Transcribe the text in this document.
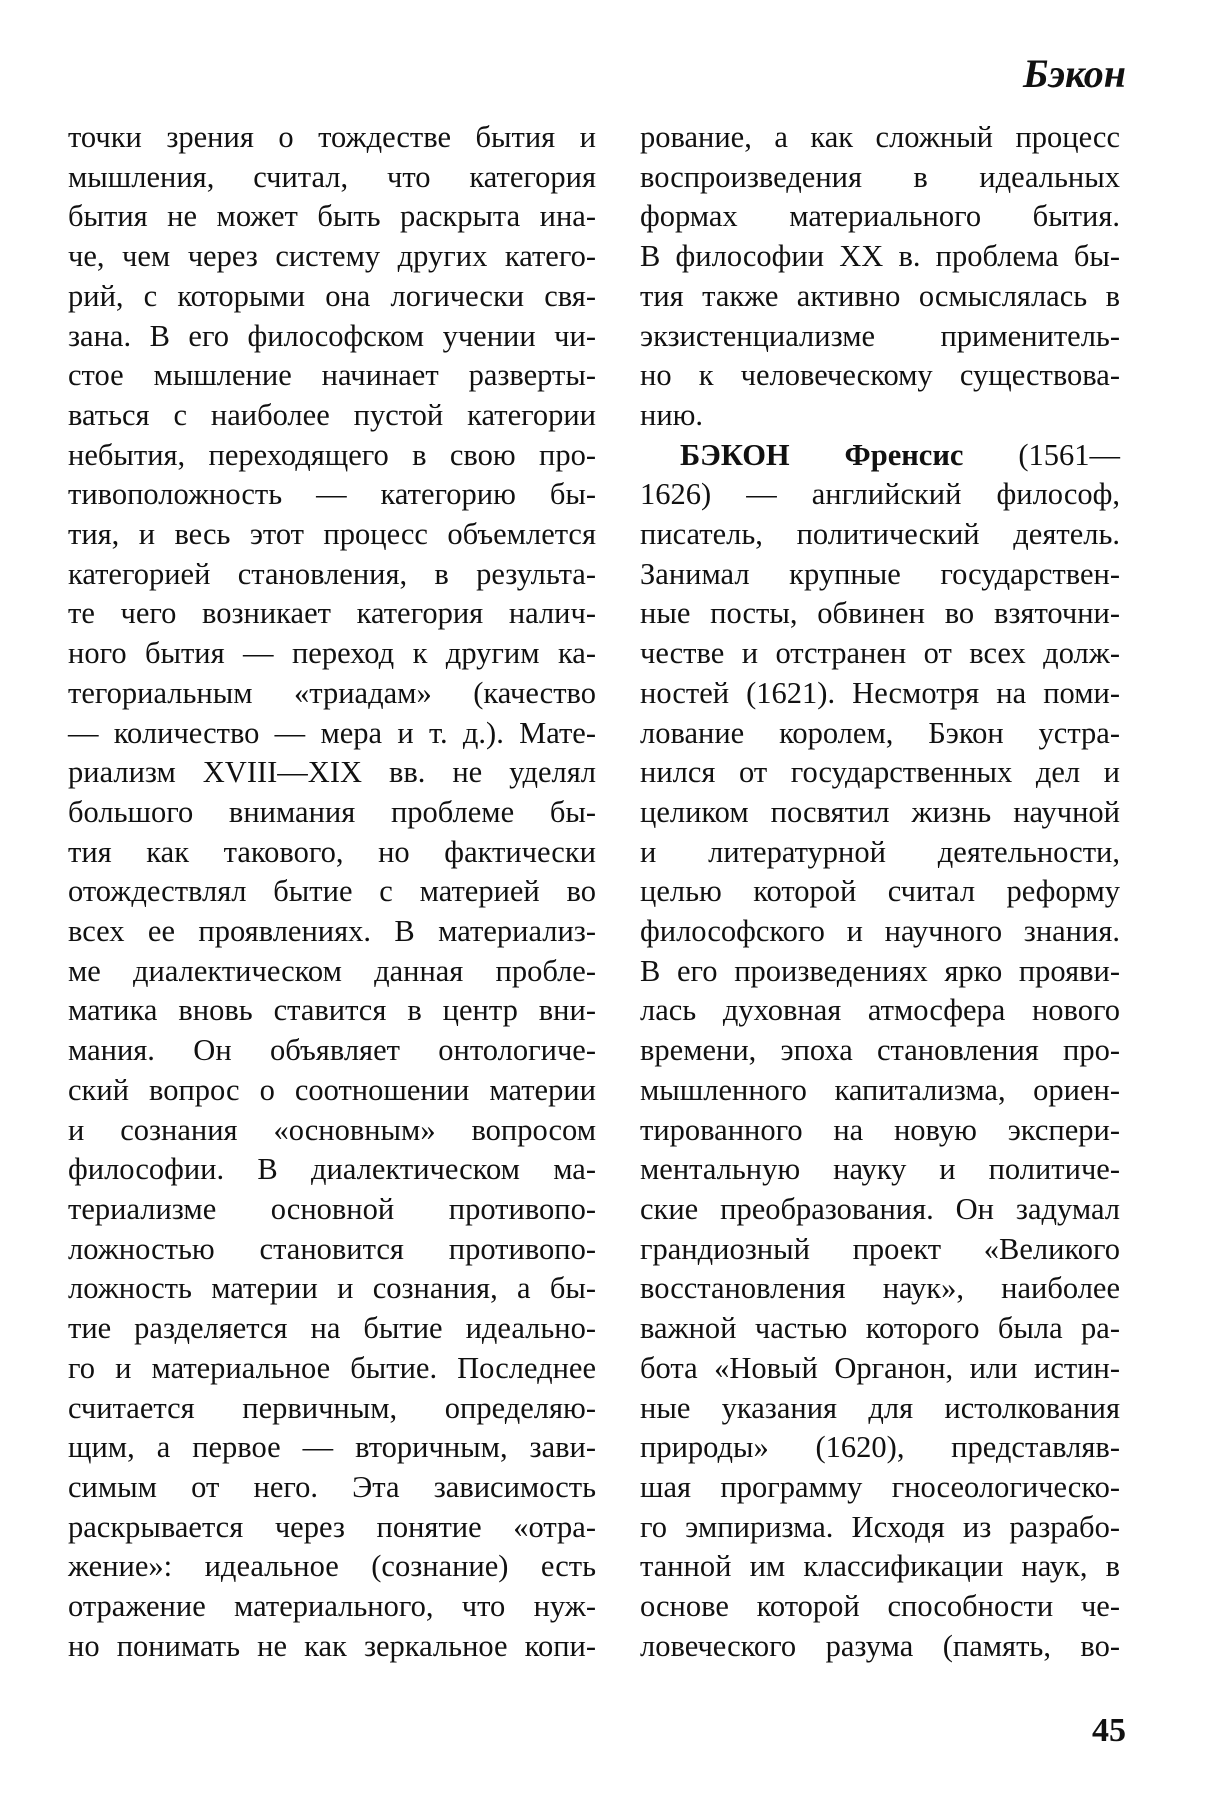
Бэкон
точки зрения о тождестве бытия и
мышления, считал, что категория
бытия не может быть раскрыта ина-
че, чем через систему других катего-
рий, с которыми она логически свя-
зана. В его философском учении чи-
стое мышление начинает разверты-
ваться с наиболее пустой категории
небытия, переходящего в свою про-
тивоположность — категорию бы-
тия, и весь этот процесс объемлется
категорией становления, в результа-
те чего возникает категория налич-
ного бытия — переход к другим ка-
тегориальным «триадам» (качество
— количество — мера и т. д.). Мате-
риализм XVIII—XIX вв. не уделял
большого внимания проблеме бы-
тия как такового, но фактически
отождествлял бытие с материей во
всех ее проявлениях. В материализ-
ме диалектическом данная пробле-
матика вновь ставится в центр вни-
мания. Он объявляет онтологиче-
ский вопрос о соотношении материи
и сознания «основным» вопросом
философии. В диалектическом ма-
териализме основной противопо-
ложностью становится противопо-
ложность материи и сознания, а бы-
тие разделяется на бытие идеально-
го и материальное бытие. Последнее
считается первичным, определяю-
щим, а первое — вторичным, зави-
симым от него. Эта зависимость
раскрывается через понятие «отра-
жение»: идеальное (сознание) есть
отражение материального, что нуж-
но понимать не как зеркальное копи-
рование, а как сложный процесс
воспроизведения в идеальных
формах материального бытия.
В философии XX в. проблема бы-
тия также активно осмыслялась в
экзистенциализме применитель-
но к человеческому существова-
нию.
БЭКОН Френсис (1561—
1626) — английский философ,
писатель, политический деятель.
Занимал крупные государствен-
ные посты, обвинен во взяточни-
честве и отстранен от всех долж-
ностей (1621). Несмотря на поми-
лование королем, Бэкон устра-
нился от государственных дел и
целиком посвятил жизнь научной
и литературной деятельности,
целью которой считал реформу
философского и научного знания.
В его произведениях ярко прояви-
лась духовная атмосфера нового
времени, эпоха становления про-
мышленного капитализма, ориен-
тированного на новую экспери-
ментальную науку и политиче-
ские преобразования. Он задумал
грандиозный проект «Великого
восстановления наук», наиболее
важной частью которого была ра-
бота «Новый Органон, или истин-
ные указания для истолкования
природы» (1620), представляв-
шая программу гносеологическо-
го эмпиризма. Исходя из разрабо-
танной им классификации наук, в
основе которой способности че-
ловеческого разума (память, во-
45
